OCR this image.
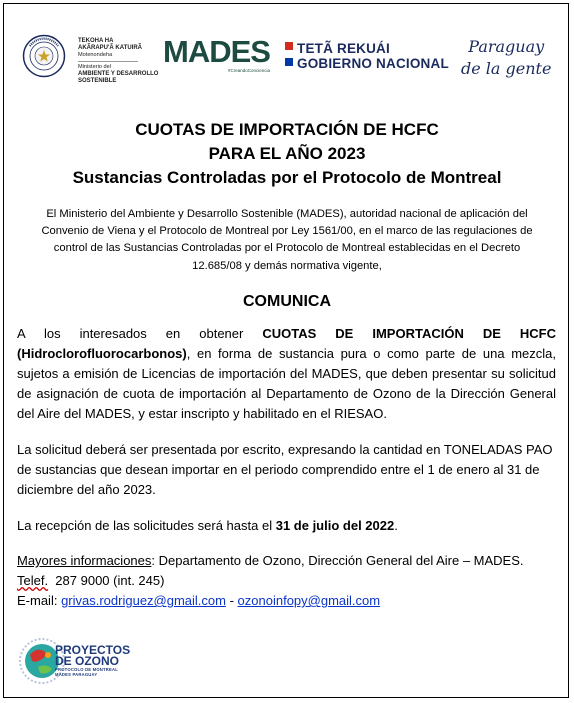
TEKOHA HA
AKÃRAPU'Ã KATUIRÃ
Motenondeha
Ministerio del
AMBIENTE Y DESARROLLO
SOSTENIBLE
MADES
#CreandoConciencia
TETÃ REKUÁI
GOBIERNO NACIONAL
Paraguay
de la gente
CUOTAS DE IMPORTACIÓN DE HCFC
PARA EL AÑO 2023
Sustancias Controladas por el Protocolo de Montreal
El Ministerio del Ambiente y Desarrollo Sostenible (MADES), autoridad nacional de aplicación del Convenio de Viena y el Protocolo de Montreal por Ley 1561/00, en el marco de las regulaciones de control de las Sustancias Controladas por el Protocolo de Montreal establecidas en el Decreto 12.685/08 y demás normativa vigente,
COMUNICA
A los interesados en obtener CUOTAS DE IMPORTACIÓN DE HCFC (Hidroclorofluorocarbonos), en forma de sustancia pura o como parte de una mezcla, sujetos a emisión de Licencias de importación del MADES, que deben presentar su solicitud de asignación de cuota de importación al Departamento de Ozono de la Dirección General del Aire del MADES, y estar inscripto y habilitado en el RIESAO.
La solicitud deberá ser presentada por escrito, expresando la cantidad en TONELADAS PAO de sustancias que desean importar en el periodo comprendido entre el 1 de enero al 31 de diciembre del año 2023.
La recepción de las solicitudes será hasta el 31 de julio del 2022.
Mayores informaciones: Departamento de Ozono, Dirección General del Aire – MADES.
Telef.  287 9000 (int. 245)
E-mail: grivas.rodriguez@gmail.com - ozonoinfopy@gmail.com
PROYECTOS
DE OZONO
PROTOCOLO DE MONTREAL
MADES PARAGUAY
